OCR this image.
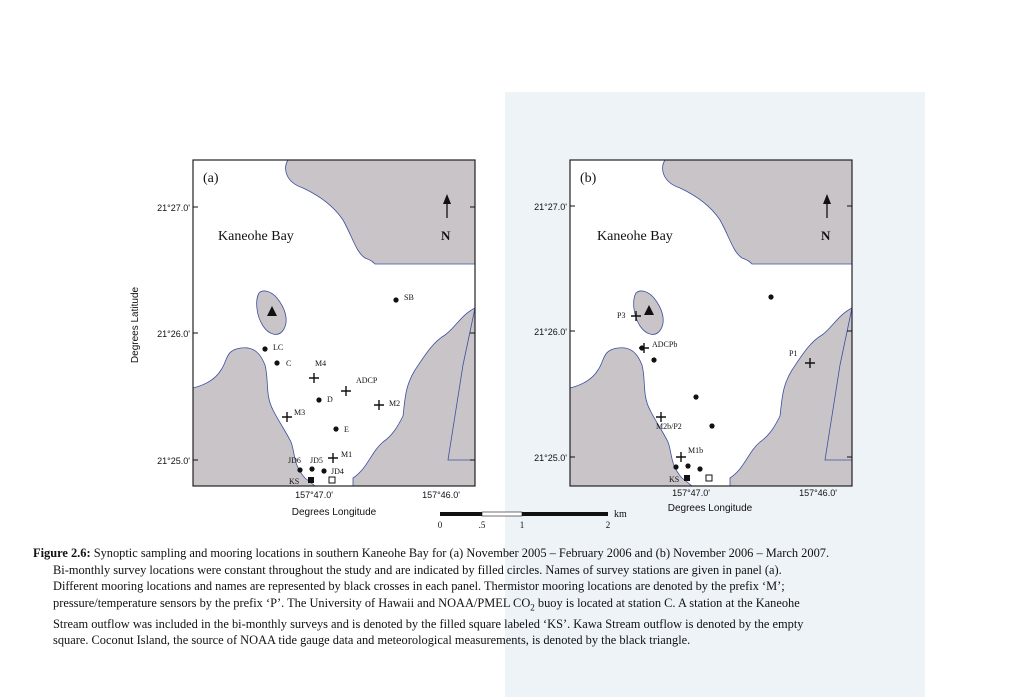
(a)
Kaneohe Bay	N
SB
LC
C
D
E
JD6 JD5
JD4
M4
ADCP
M2
M3
M1
KS
21°27.0'
21°26.0'
21°25.0'
157°47.0'	157°46.0'
Degrees Longitude
Degrees Latitude
(b)
Kaneohe Bay	N
P3
ADCPb
P1
M2b/P2
M1b
KS
21°27.0'
21°26.0'
21°25.0'
157°47.0'	157°46.0'
Degrees Longitude
0	.5	1	2
km

Figure 2.6: Synoptic sampling and mooring locations in southern Kaneohe Bay for (a) November 2005 – February 2006 and (b) November 2006 – March 2007.
Bi-monthly survey locations were constant throughout the study and are indicated by filled circles. Names of survey stations are given in panel (a).
Different mooring locations and names are represented by black crosses in each panel. Thermistor mooring locations are denoted by the prefix ‘M’;
pressure/temperature sensors by the prefix ‘P’. The University of Hawaii and NOAA/PMEL $CO_2$ buoy is located at station C. A station at the Kaneohe
Stream outflow was included in the bi-monthly surveys and is denoted by the filled square labeled ‘KS’. Kawa Stream outflow is denoted by the empty
square. Coconut Island, the source of NOAA tide gauge data and meteorological measurements, is denoted by the black triangle.
